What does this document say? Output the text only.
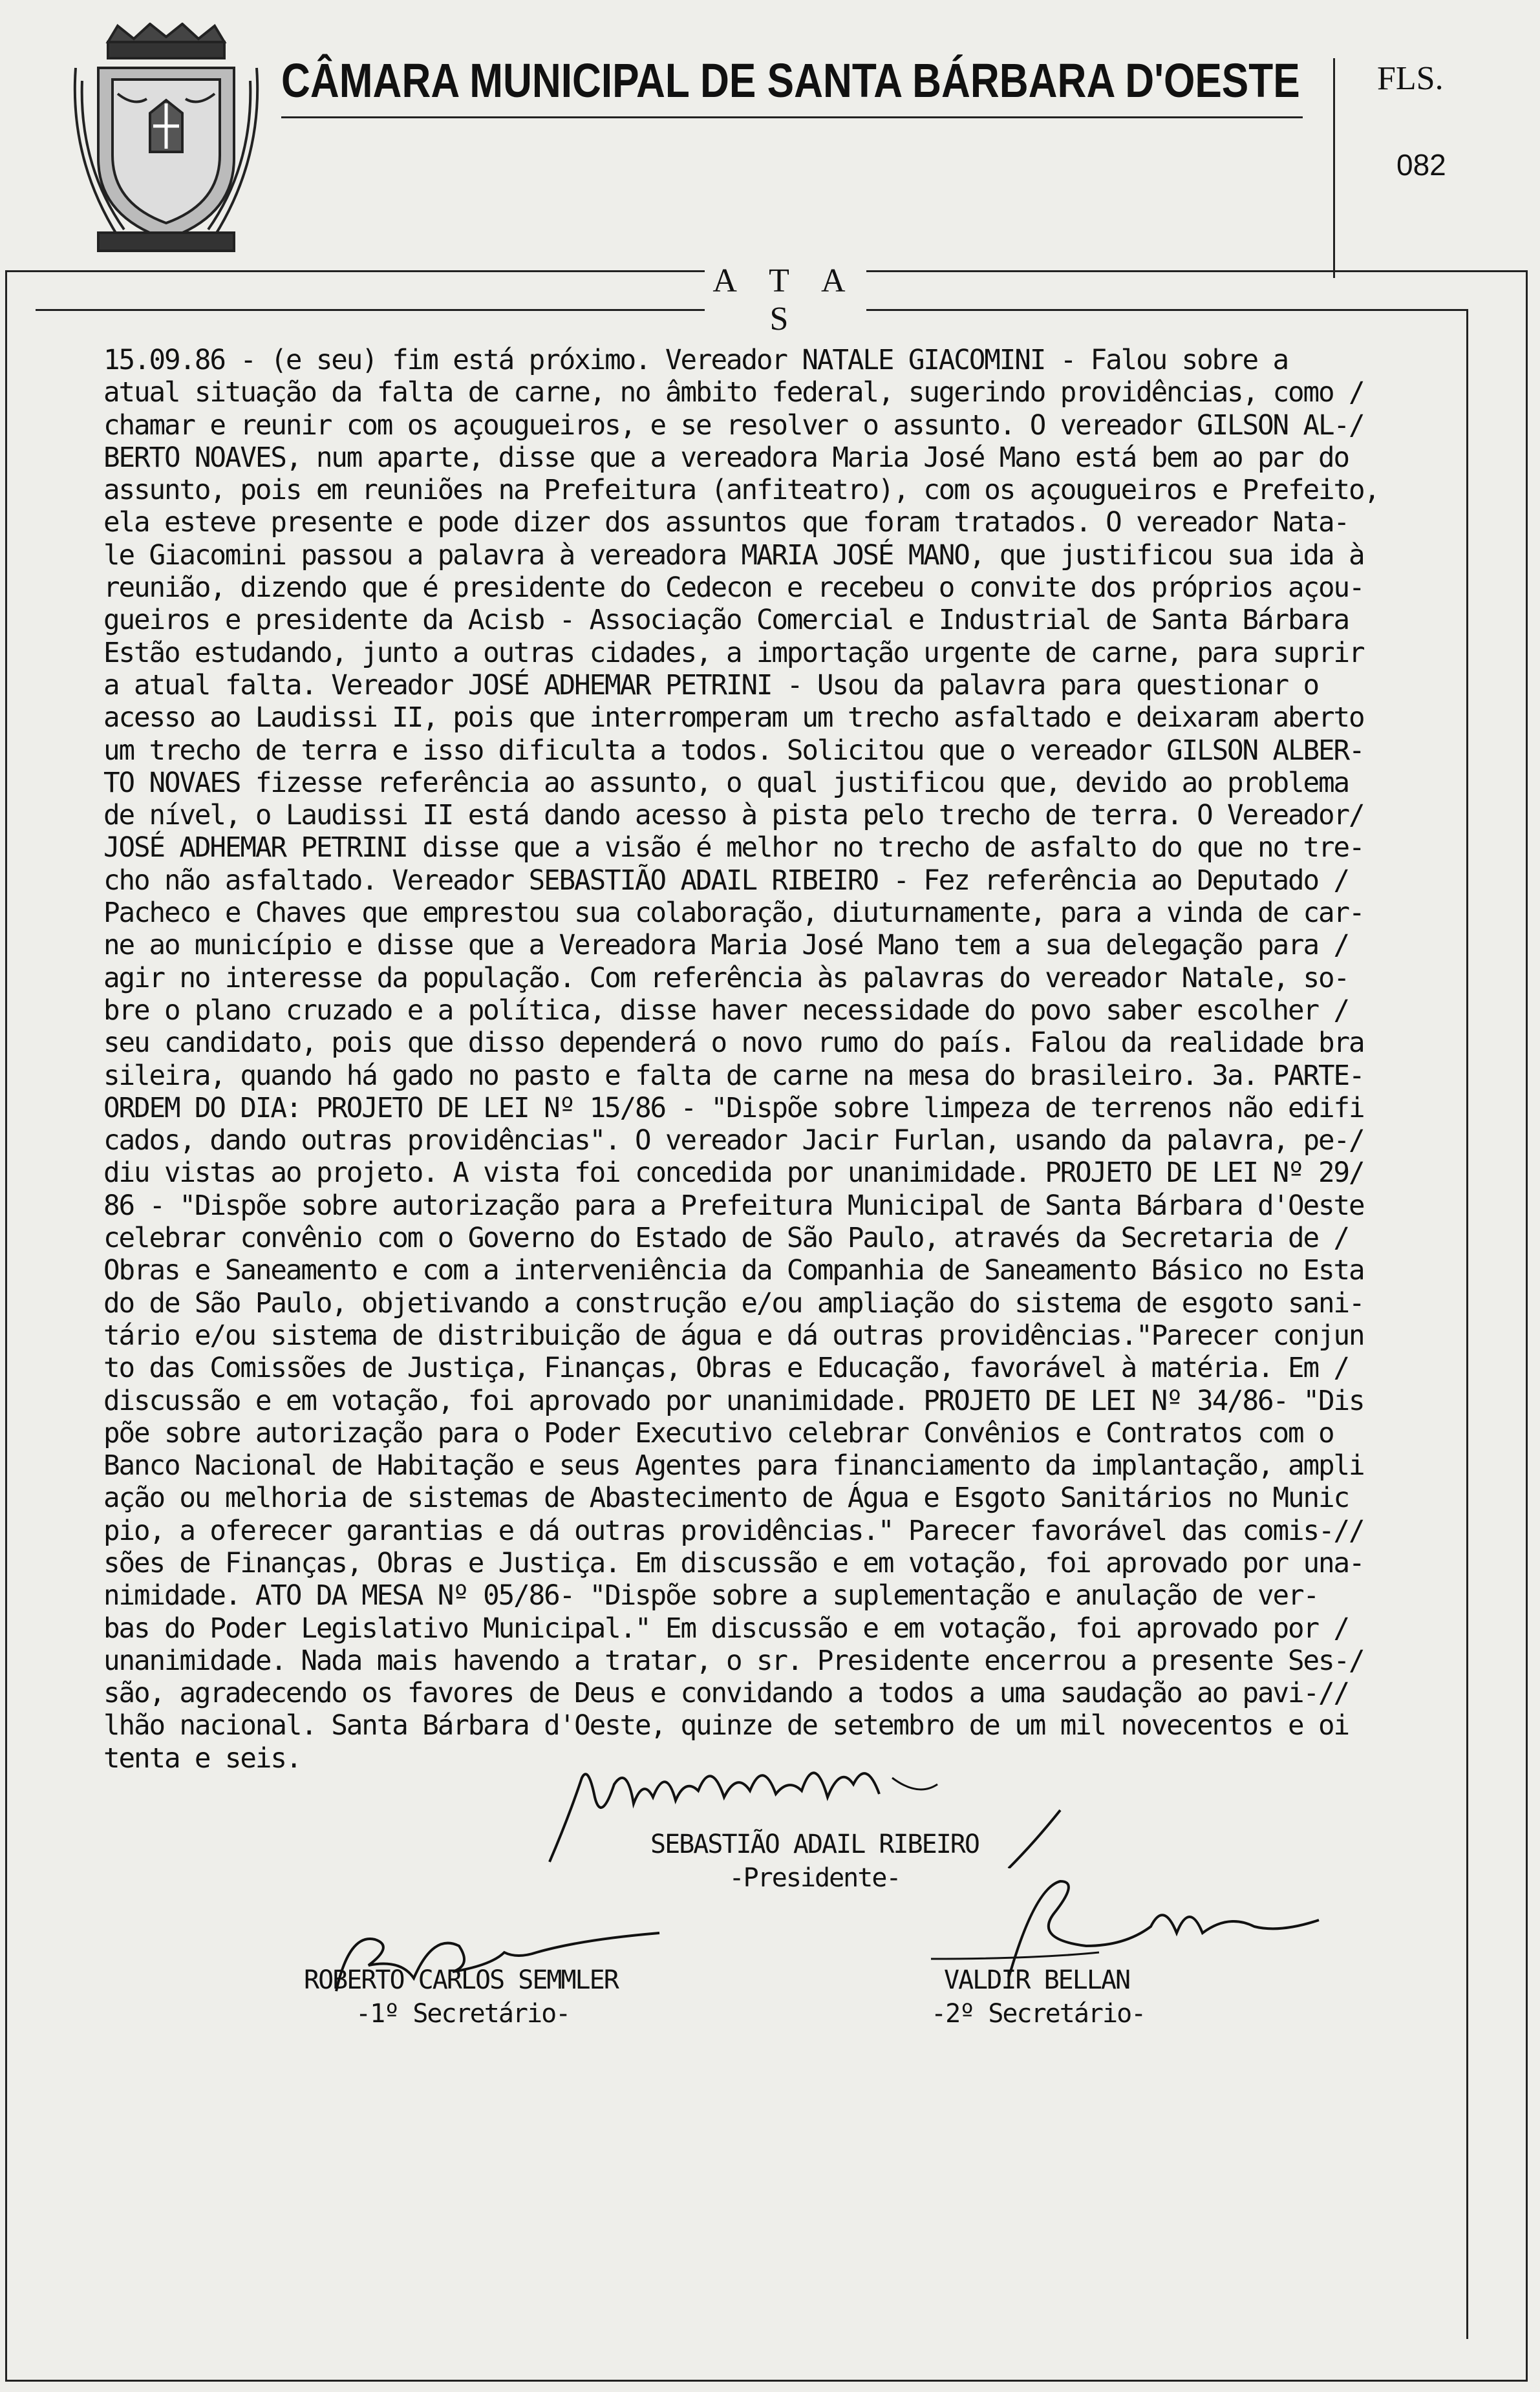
CÂMARA MUNICIPAL DE SANTA BÁRBARA D'OESTE FLS.
082
A T A S
15.09.86 - (e seu) fim está próximo. Vereador NATALE GIACOMINI - Falou sobre a
atual situação da falta de carne, no âmbito federal, sugerindo providências, como /
chamar e reunir com os açougueiros, e se resolver o assunto. O vereador GILSON AL-/
BERTO NOAVES, num aparte, disse que a vereadora Maria José Mano está bem ao par do
assunto, pois em reuniões na Prefeitura (anfiteatro), com os açougueiros e Prefeito,
ela esteve presente e pode dizer dos assuntos que foram tratados. O vereador Nata-
le Giacomini passou a palavra à vereadora MARIA JOSÉ MANO, que justificou sua ida à
reunião, dizendo que é presidente do Cedecon e recebeu o convite dos próprios açou-
gueiros e presidente da Acisb - Associação Comercial e Industrial de Santa Bárbara
Estão estudando, junto a outras cidades, a importação urgente de carne, para suprir
a atual falta. Vereador JOSÉ ADHEMAR PETRINI - Usou da palavra para questionar o
acesso ao Laudissi II, pois que interromperam um trecho asfaltado e deixaram aberto
um trecho de terra e isso dificulta a todos. Solicitou que o vereador GILSON ALBER-
TO NOVAES fizesse referência ao assunto, o qual justificou que, devido ao problema
de nível, o Laudissi II está dando acesso à pista pelo trecho de terra. O Vereador/
JOSÉ ADHEMAR PETRINI disse que a visão é melhor no trecho de asfalto do que no tre-
cho não asfaltado. Vereador SEBASTIÃO ADAIL RIBEIRO - Fez referência ao Deputado /
Pacheco e Chaves que emprestou sua colaboração, diuturnamente, para a vinda de car-
ne ao município e disse que a Vereadora Maria José Mano tem a sua delegação para /
agir no interesse da população. Com referência às palavras do vereador Natale, so-
bre o plano cruzado e a política, disse haver necessidade do povo saber escolher /
seu candidato, pois que disso dependerá o novo rumo do país. Falou da realidade bra
sileira, quando há gado no pasto e falta de carne na mesa do brasileiro. 3a. PARTE-
ORDEM DO DIA: PROJETO DE LEI Nº 15/86 - "Dispõe sobre limpeza de terrenos não edifi
cados, dando outras providências". O vereador Jacir Furlan, usando da palavra, pe-/
diu vistas ao projeto. A vista foi concedida por unanimidade. PROJETO DE LEI Nº 29/
86 - "Dispõe sobre autorização para a Prefeitura Municipal de Santa Bárbara d'Oeste
celebrar convênio com o Governo do Estado de São Paulo, através da Secretaria de /
Obras e Saneamento e com a interveniência da Companhia de Saneamento Básico no Esta
do de São Paulo, objetivando a construção e/ou ampliação do sistema de esgoto sani-
tário e/ou sistema de distribuição de água e dá outras providências."Parecer conjun
to das Comissões de Justiça, Finanças, Obras e Educação, favorável à matéria. Em /
discussão e em votação, foi aprovado por unanimidade. PROJETO DE LEI Nº 34/86- "Dis
põe sobre autorização para o Poder Executivo celebrar Convênios e Contratos com o
Banco Nacional de Habitação e seus Agentes para financiamento da implantação, ampli
ação ou melhoria de sistemas de Abastecimento de Água e Esgoto Sanitários no Munic
pio, a oferecer garantias e dá outras providências." Parecer favorável das comis-//
sões de Finanças, Obras e Justiça. Em discussão e em votação, foi aprovado por una-
nimidade. ATO DA MESA Nº 05/86- "Dispõe sobre a suplementação e anulação de ver-
bas do Poder Legislativo Municipal." Em discussão e em votação, foi aprovado por /
unanimidade. Nada mais havendo a tratar, o sr. Presidente encerrou a presente Ses-/
são, agradecendo os favores de Deus e convidando a todos a uma saudação ao pavi-//
lhão nacional. Santa Bárbara d'Oeste, quinze de setembro de um mil novecentos e oi
tenta e seis.
SEBASTIÃO ADAIL RIBEIRO
-Presidente-
ROBERTO CARLOS SEMMLER
-1º Secretário-
VALDIR BELLAN
-2º Secretário-
